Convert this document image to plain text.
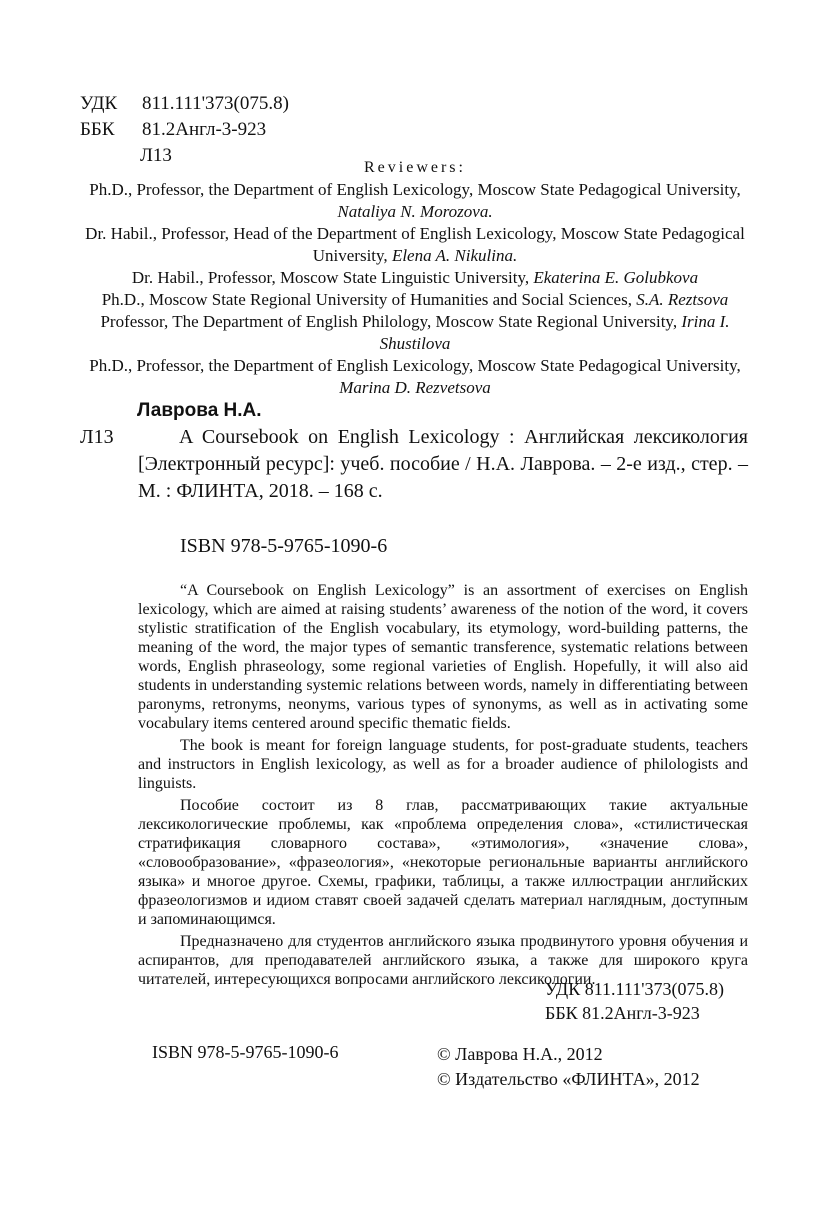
УДК 811.111'373(075.8)
ББК 81.2Англ-3-923
Л13
Reviewers:

Ph.D., Professor, the Department of English Lexicology, Moscow State Pedagogical University, Nataliya N. Morozova.

Dr. Habil., Professor, Head of the Department of English Lexicology, Moscow State Pedagogical University, Elena A. Nikulina.

Dr. Habil., Professor, Moscow State Linguistic University, Ekaterina E. Golubkova

Ph.D., Moscow State Regional University of Humanities and Social Sciences, S.A. Reztsova

Professor, The Department of English Philology, Moscow State Regional University, Irina I. Shustilova

Ph.D., Professor, the Department of English Lexicology, Moscow State Pedagogical University, Marina D. Rezvetsova

Лаврова Н.А.
Л13	A Coursebook on English Lexicology : Английская лексикология [Электронный ресурс]: учеб. пособие / Н.А. Лаврова. – 2-е изд., стер. – М. : ФЛИНТА, 2018. – 168 с.
ISBN 978-5-9765-1090-6

“A Coursebook on English Lexicology” is an assortment of exercises on English lexicology, which are aimed at raising students’ awareness of the notion of the word, it covers stylistic stratification of the English vocabulary, its etymology, word-building patterns, the meaning of the word, the major types of semantic transference, systematic relations between words, English phraseology, some regional varieties of English. Hopefully, it will also aid students in understanding systemic relations between words, namely in differentiating between paronyms, retronyms, neonyms, various types of synonyms, as well as in activating some vocabulary items centered around specific thematic fields.

The book is meant for foreign language students, for post-graduate students, teachers and instructors in English lexicology, as well as for a broader audience of philologists and linguists.

Пособие состоит из 8 глав, рассматривающих такие актуальные лексикологические проблемы, как «проблема определения слова», «стилистическая стратификация словарного состава», «этимология», «значение слова», «словообразование», «фразеология», «некоторые региональные варианты английского языка» и многое другое. Схемы, графики, таблицы, а также иллюстрации английских фразеологизмов и идиом ставят своей задачей сделать материал наглядным, доступным и запоминающимся.

Предназначено для студентов английского языка продвинутого уровня обучения и аспирантов, для преподавателей английского языка, а также для широкого круга читателей, интересующихся вопросами английского лексикологии.

УДК 811.111'373(075.8)
ББК 81.2Англ-3-923
ISBN 978-5-9765-1090-6	© Лаврова Н.А., 2012
© Издательство «ФЛИНТА», 2012
